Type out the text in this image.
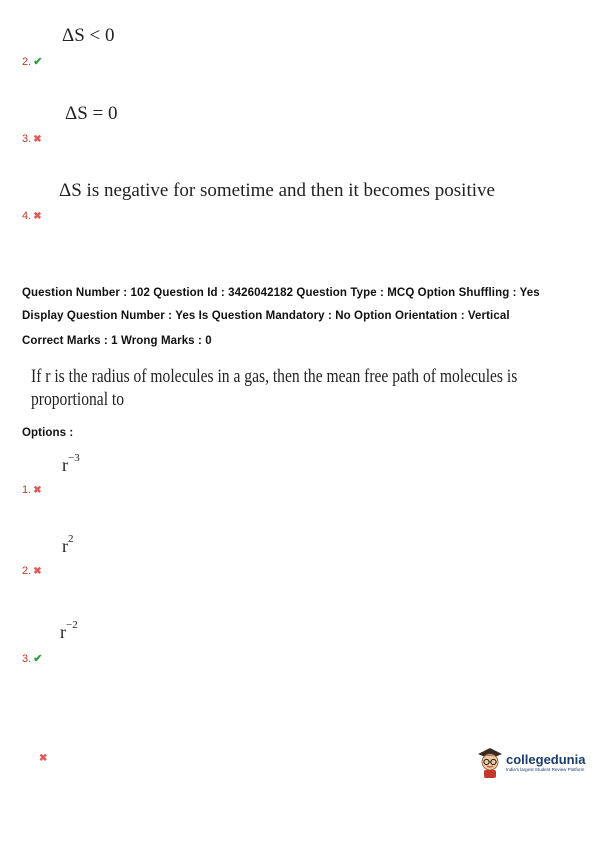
ΔS < 0
2. ✔
ΔS = 0
3. ✖
ΔS is negative for sometime and then it becomes positive
4. ✖
Question Number : 102 Question Id : 3426042182 Question Type : MCQ Option Shuffling : Yes
Display Question Number : Yes Is Question Mandatory : No Option Orientation : Vertical
Correct Marks : 1 Wrong Marks : 0
If r is the radius of molecules in a gas, then the mean free path of molecules is
proportional to
Options :
$r^{-3}$
1. ✖
$r^2$
2. ✖
$r^{-2}$
3. ✔
✖	collegedunia
India's largest Student Review Platform
